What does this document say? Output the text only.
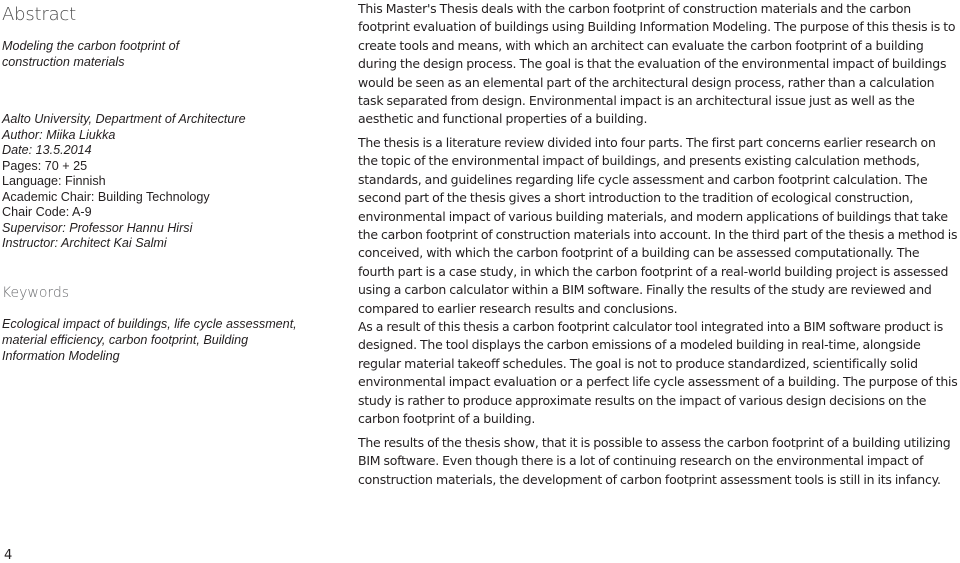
Abstract
Modeling the carbon footprint of construction materials
Aalto University, Department of Architecture
Author: Miika Liukka
Date: 13.5.2014
Pages: 70 + 25
Language: Finnish
Academic Chair: Building Technology
Chair Code: A-9
Supervisor: Professor Hannu Hirsi
Instructor: Architect Kai Salmi
Keywords
Ecological impact of buildings, life cycle assessment, material efficiency, carbon footprint, Building Information Modeling

This Master's Thesis deals with the carbon footprint of construction materials and the carbon footprint evaluation of buildings using Building Information Modeling. The purpose of this thesis is to create tools and means, with which an architect can evaluate the carbon footprint of a building during the design process. The goal is that the evaluation of the environmental impact of buildings would be seen as an elemental part of the architectural design process, rather than a calculation task separated from design. Environmental impact is an architectural issue just as well as the aesthetic and functional properties of a building.

The thesis is a literature review divided into four parts. The first part concerns earlier research on the topic of the environmental impact of buildings, and presents existing calculation methods, standards, and guidelines regarding life cycle assessment and carbon footprint calculation. The second part of the thesis gives a short introduction to the tradition of ecological construction, environmental impact of various building materials, and modern applications of buildings that take the carbon footprint of construction materials into account. In the third part of the thesis a method is conceived, with which the carbon footprint of a building can be assessed computationally. The fourth part is a case study, in which the carbon footprint of a real-world building project is assessed using a carbon calculator within a BIM software. Finally the results of the study are reviewed and compared to earlier research results and conclusions.

As a result of this thesis a carbon footprint calculator tool integrated into a BIM software product is designed. The tool displays the carbon emissions of a modeled building in real-time, alongside regular material takeoff schedules. The goal is not to produce standardized, scientifically solid environmental impact evaluation or a perfect life cycle assessment of a building. The purpose of this study is rather to produce approximate results on the impact of various design decisions on the carbon footprint of a building.

The results of the thesis show, that it is possible to assess the carbon footprint of a building utilizing BIM software. Even though there is a lot of continuing research on the environmental impact of construction materials, the development of carbon footprint assessment tools is still in its infancy.

4
